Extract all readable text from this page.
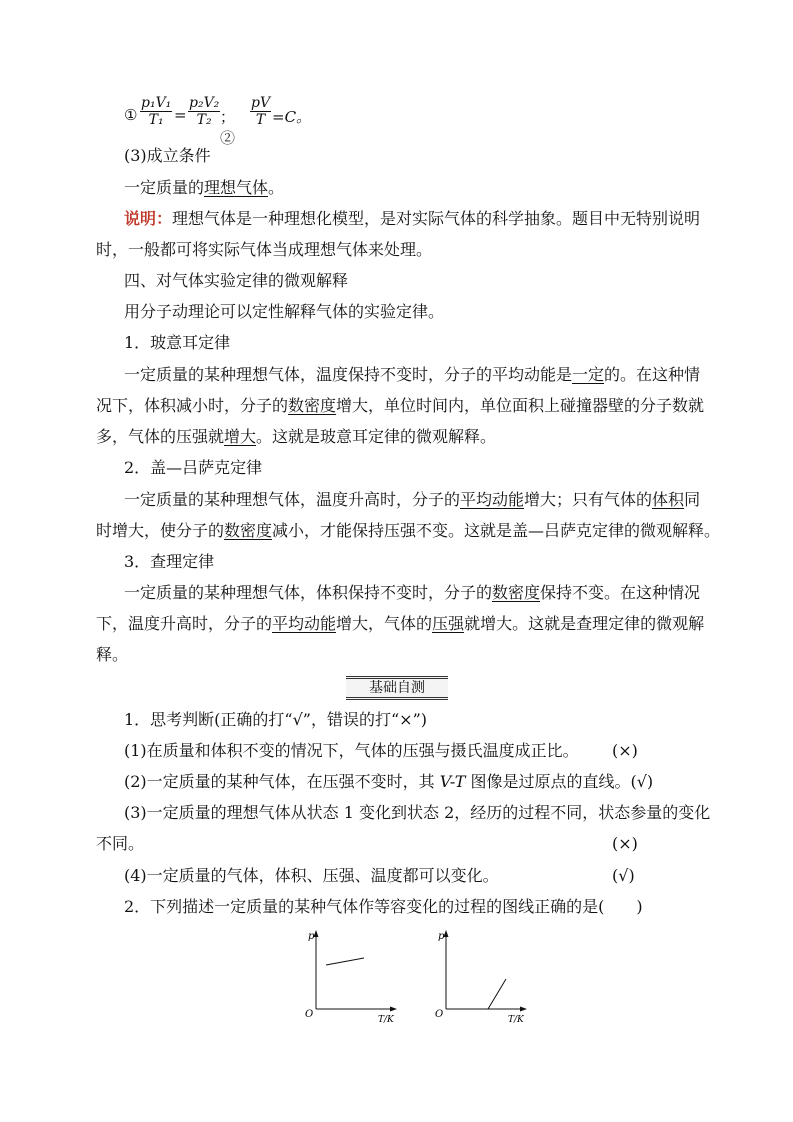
① $\frac{\text{p₁V₁}}{\text{T₁}} = \frac{\text{p₂V₂}}{\text{T₂}}$ ；②
$\frac{pV}{T} =C$。
(3)成立条件
一定质量的理想气体。
说明：理想气体是一种理想化模型，是对实际气体的科学抽象。题目中无特别说明
时，一般都可将实际气体当成理想气体来处理。
四、对气体实验定律的微观解释
用分子动理论可以定性解释气体的实验定律。
1．玻意耳定律
一定质量的某种理想气体，温度保持不变时，分子的平均动能是一定的。在这种情
况下，体积减小时，分子的数密度增大，单位时间内，单位面积上碰撞器壁的分子数就
多，气体的压强就增大。这就是玻意耳定律的微观解释。
2．盖—吕萨克定律
一定质量的某种理想气体，温度升高时，分子的平均动能增大；只有气体的体积同
时增大，使分子的数密度减小，才能保持压强不变。这就是盖—吕萨克定律的微观解释。
3．查理定律
一定质量的某种理想气体，体积保持不变时，分子的数密度保持不变。在这种情况
下，温度升高时，分子的平均动能增大，气体的压强就增大。这就是查理定律的微观解
释。
基础自测
1．思考判断(正确的打“√”，错误的打“×”)
(1)在质量和体积不变的情况下，气体的压强与摄氏温度成正比。 (×)
(2)一定质量的某种气体，在压强不变时，其 V-T 图像是过原点的直线。(√)
(3)一定质量的理想气体从状态 1 变化到状态 2，经历的过程不同，状态参量的变化
不同。	(×)
(4)一定质量的气体，体积、压强、温度都可以变化。	(√)
2．下列描述一定质量的某种气体作等容变化的过程的图线正确的是(　　)
p
O	T/K
p
O	T/K
